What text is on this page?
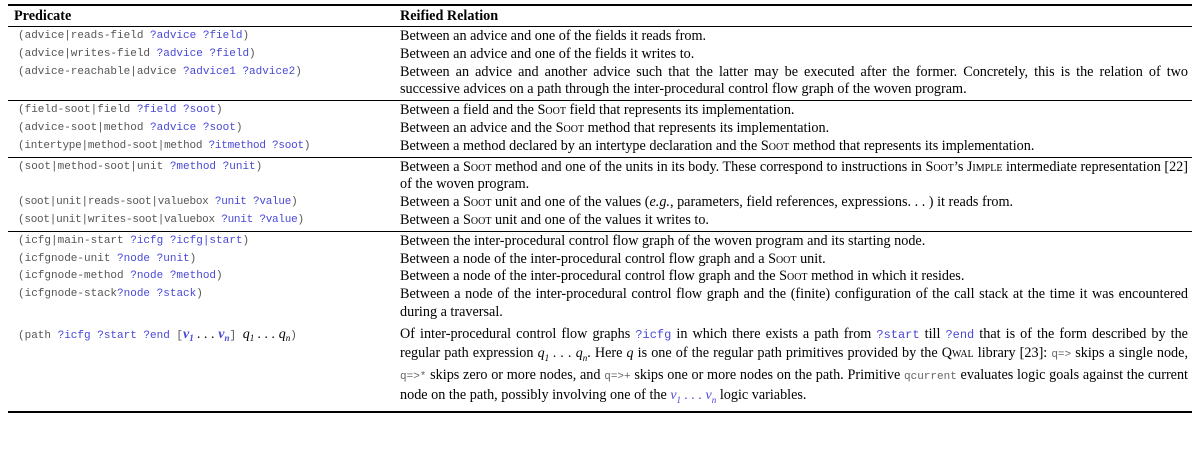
Predicate	Reified Relation
(advice|reads-field ?advice ?field)	Between an advice and one of the fields it reads from.
(advice|writes-field ?advice ?field)	Between an advice and one of the fields it writes to.
(advice-reachable|advice ?advice1 ?advice2)	Between an advice and another advice such that the latter may be executed after the former. Concretely, this is the relation of two successive advices on a path through the inter-procedural control flow graph of the woven program.
(field-soot|field ?field ?soot)	Between a field and the Soot field that represents its implementation.
(advice-soot|method ?advice ?soot)	Between an advice and the Soot method that represents its implementation.
(intertype|method-soot|method ?itmethod ?soot)	Between a method declared by an intertype declaration and the Soot method that represents its implementation.
(soot|method-soot|unit ?method ?unit)	Between a Soot method and one of the units in its body. These correspond to instructions in Soot’s Jimple intermediate representation [22] of the woven program.
(soot|unit|reads-soot|valuebox ?unit ?value)	Between a Soot unit and one of the values (e.g., parameters, field references, expressions. . . ) it reads from.
(soot|unit|writes-soot|valuebox ?unit ?value)	Between a Soot unit and one of the values it writes to.
(icfg|main-start ?icfg ?icfg|start)	Between the inter-procedural control flow graph of the woven program and its starting node.
(icfgnode-unit ?node ?unit)	Between a node of the inter-procedural control flow graph and a Soot unit.
(icfgnode-method ?node ?method)	Between a node of the inter-procedural control flow graph and the Soot method in which it resides.
(icfgnode-stack?node ?stack)	Between a node of the inter-procedural control flow graph and the (finite) configuration of the call stack at the time it was encountered during a traversal.
(path ?icfg ?start ?end [$v_1$ . . . $v_n$] $q_1$ . . . $q_n$)	Of inter-procedural control flow graphs ?icfg in which there exists a path from ?start till ?end that is of the form described by the regular path expression $q_1$ . . . $q_n$. Here q is one of the regular path primitives provided by the Qwal library [23]: q=> skips a single node, q=>* skips zero or more nodes, and q=>+ skips one or more nodes on the path. Primitive qcurrent evaluates logic goals against the current node on the path, possibly involving one of the $v_1$ . . . $v_n$ logic variables.
